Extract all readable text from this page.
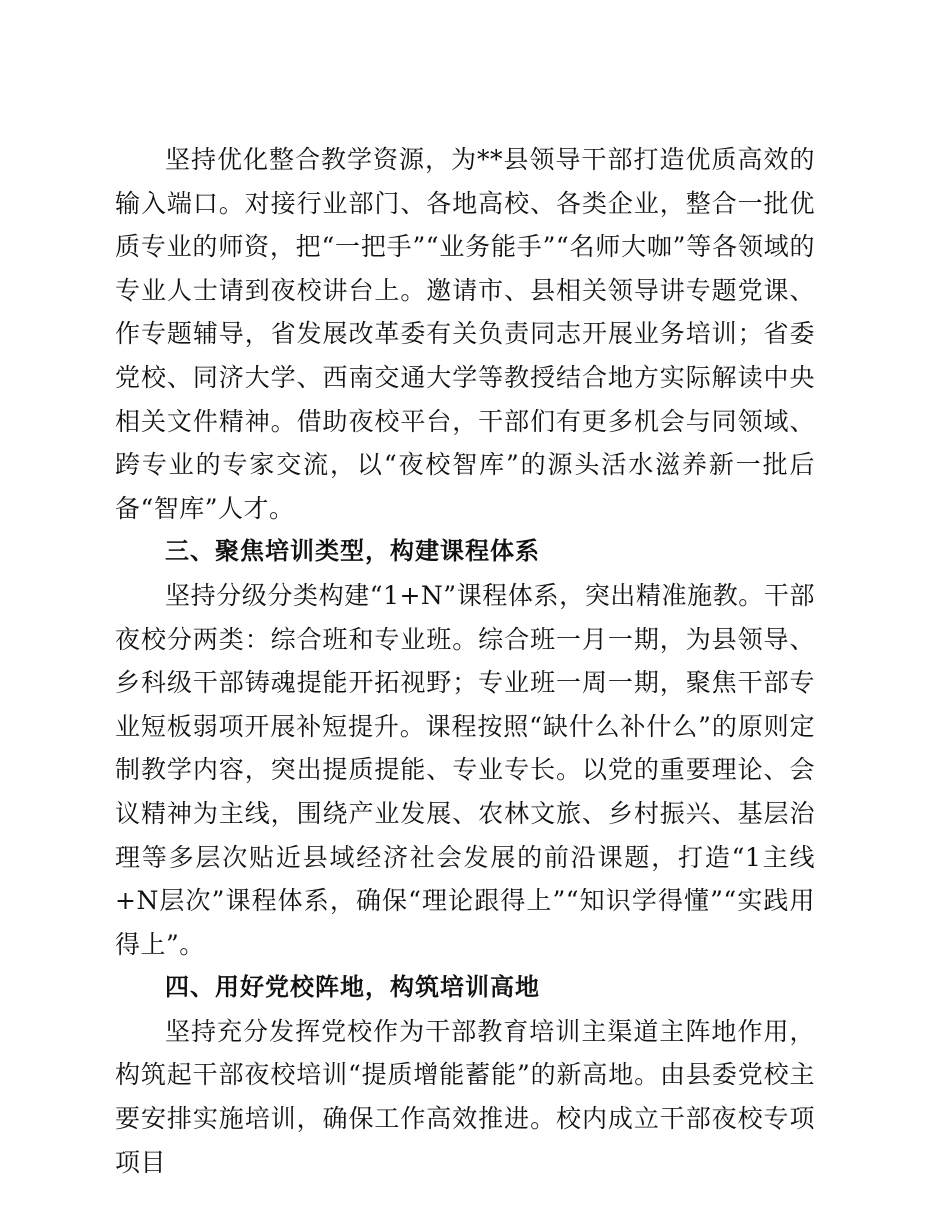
坚持优化整合教学资源，为**县领导干部打造优质高效的输入端口。对接行业部门、各地高校、各类企业，整合一批优质专业的师资，把“一把手”“业务能手”“名师大咖”等各领域的专业人士请到夜校讲台上。邀请市、县相关领导讲专题党课、作专题辅导，省发展改革委有关负责同志开展业务培训；省委党校、同济大学、西南交通大学等教授结合地方实际解读中央相关文件精神。借助夜校平台，干部们有更多机会与同领域、跨专业的专家交流，以“夜校智库”的源头活水滋养新一批后备“智库”人才。

三、聚焦培训类型，构建课程体系

坚持分级分类构建“1+N”课程体系，突出精准施教。干部夜校分两类：综合班和专业班。综合班一月一期，为县领导、乡科级干部铸魂提能开拓视野；专业班一周一期，聚焦干部专业短板弱项开展补短提升。课程按照“缺什么补什么”的原则定制教学内容，突出提质提能、专业专长。以党的重要理论、会议精神为主线，围绕产业发展、农林文旅、乡村振兴、基层治理等多层次贴近县域经济社会发展的前沿课题，打造“1主线+N层次”课程体系，确保“理论跟得上”“知识学得懂”“实践用得上”。

四、用好党校阵地，构筑培训高地

坚持充分发挥党校作为干部教育培训主渠道主阵地作用，构筑起干部夜校培训“提质增能蓄能”的新高地。由县委党校主要安排实施培训，确保工作高效推进。校内成立干部夜校专项项目
